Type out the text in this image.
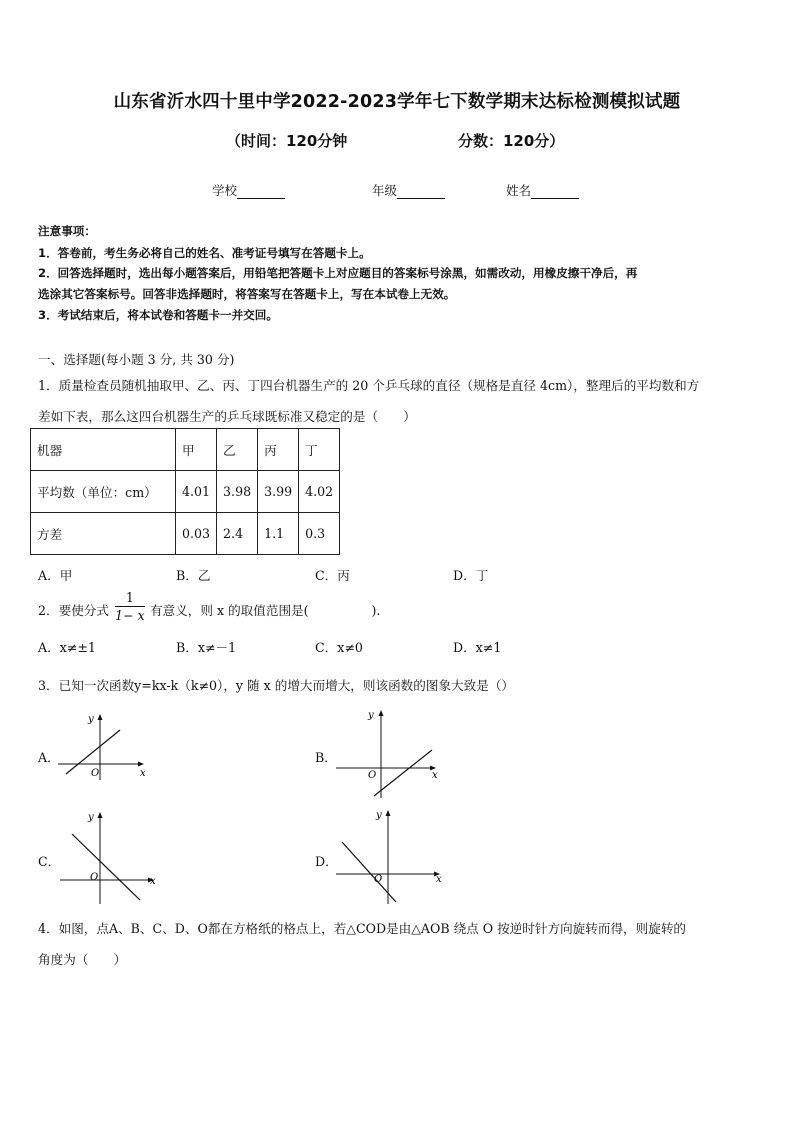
山东省沂水四十里中学2022-2023学年七下数学期末达标检测模拟试题
（时间：120分钟	分数：120分）
学校	年级	姓名
注意事项：
1．答卷前，考生务必将自己的姓名、准考证号填写在答题卡上。
2．回答选择题时，选出每小题答案后，用铅笔把答题卡上对应题目的答案标号涂黑，如需改动，用橡皮擦干净后，再
选涂其它答案标号。回答非选择题时，将答案写在答题卡上，写在本试卷上无效。
3．考试结束后，将本试卷和答题卡一并交回。
一、选择题(每小题 3 分, 共 30 分)
1．质量检查员随机抽取甲、乙、丙、丁四台机器生产的 20 个乒乓球的直径（规格是直径 4cm），整理后的平均数和方
差如下表，那么这四台机器生产的乒乓球既标准又稳定的是（　　）
机器	甲	乙	丙	丁
平均数（单位：cm）	4.01	3.98	3.99	4.02
方差	0.03	2.4	1.1	0.3
A．甲	B．乙	C．丙	D．丁
2．要使分式 $\frac{1}{1- x}$ 有意义，则 x 的取值范围是(　　　　　).
A．x≠±1	B．x≠－1	C．x≠0	D．x≠1
3．已知一次函数y=kx-k（k≠0），y 随 x 的增大而增大，则该函数的图象大致是（）
A．
O	x
y
B．
O	x
y
C．
O	x
y
D．
O	x
y
4．如图，点A、B、C、D、O都在方格纸的格点上，若△COD是由△AOB 绕点 O 按逆时针方向旋转而得，则旋转的
角度为（　　）
